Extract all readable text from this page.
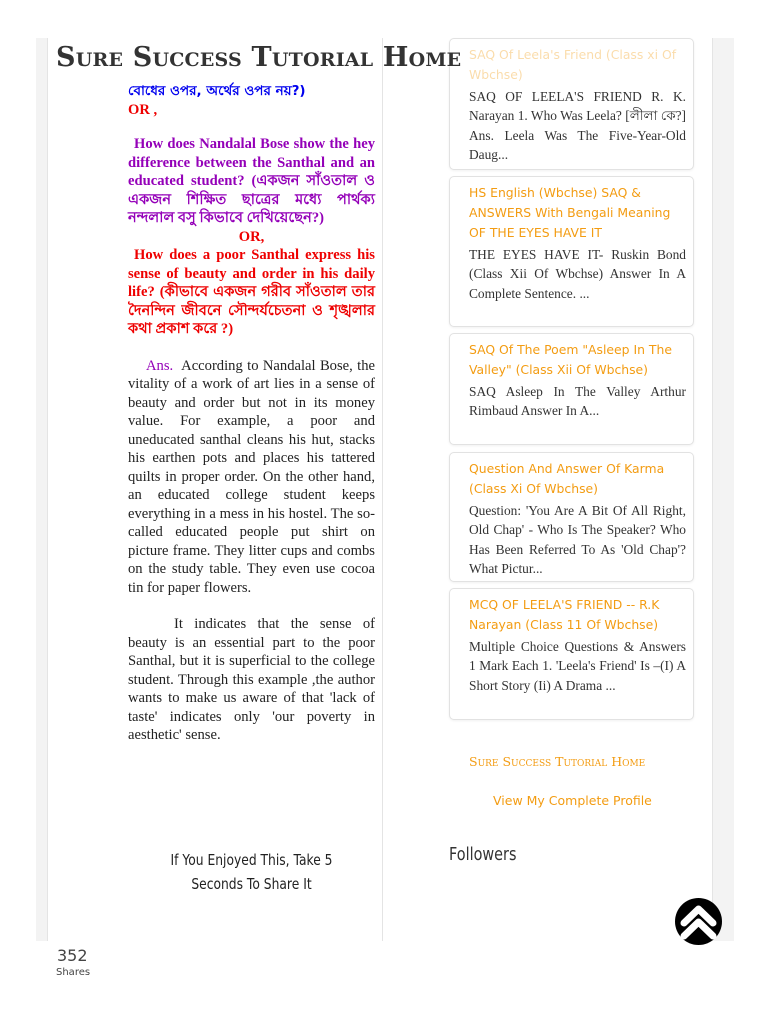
Sure Success Tutorial Home
বোধের ওপর, অর্থের ওপর নয়?)
OR ,
How does Nandalal Bose show the hey difference between the Santhal and an educated student? (একজন সাঁওতাল ও একজন শিক্ষিত ছাত্রের মধ্যে পার্থক্য নন্দলাল বসু কিভাবে দেখিয়েছেন?)
OR,
How does a poor Santhal express his sense of beauty and order in his daily life? (কীভাবে একজন গরীব সাঁওতাল তার দৈনন্দিন জীবনে সৌন্দর্যচেতনা ও শৃঙ্খলার কথা প্রকাশ করে ?)
Ans. According to Nandalal Bose, the vitality of a work of art lies in a sense of beauty and order but not in its money value. For example, a poor and uneducated santhal cleans his hut, stacks his earthen pots and places his tattered quilts in proper order. On the other hand, an educated college student keeps everything in a mess in his hostel. The so-called educated people put shirt on picture frame. They litter cups and combs on the study table. They even use cocoa tin for paper flowers.
It indicates that the sense of beauty is an essential part to the poor Santhal, but it is superficial to the college student. Through this example ,the author wants to make us aware of that 'lack of taste' indicates only 'our poverty in aesthetic' sense.
If You Enjoyed This, Take 5 Seconds To Share It
SAQ Of Leela's Friend (Class xi Of Wbchse)
SAQ OF LEELA'S FRIEND R. K. Narayan 1. Who Was Leela? [লীলা কে?] Ans. Leela Was The Five-Year-Old Daug...
HS English (Wbchse) SAQ & ANSWERS With Bengali Meaning OF THE EYES HAVE IT
THE EYES HAVE IT- Ruskin Bond (Class Xii Of Wbchse) Answer In A Complete Sentence. ...
SAQ Of The Poem "Asleep In The Valley" (Class Xii Of Wbchse)
SAQ Asleep In The Valley Arthur Rimbaud Answer In A...
Question And Answer Of Karma (Class Xi Of Wbchse)
Question: 'You Are A Bit Of All Right, Old Chap' - Who Is The Speaker? Who Has Been Referred To As 'Old Chap'? What Pictur...
MCQ OF LEELA'S FRIEND -- R.K Narayan (Class 11 Of Wbchse)
Multiple Choice Questions & Answers 1 Mark Each 1. 'Leela's Friend' Is –(I) A Short Story (Ii) A Drama ...
Sure Success Tutorial Home
View My Complete Profile
Followers
352
Shares
